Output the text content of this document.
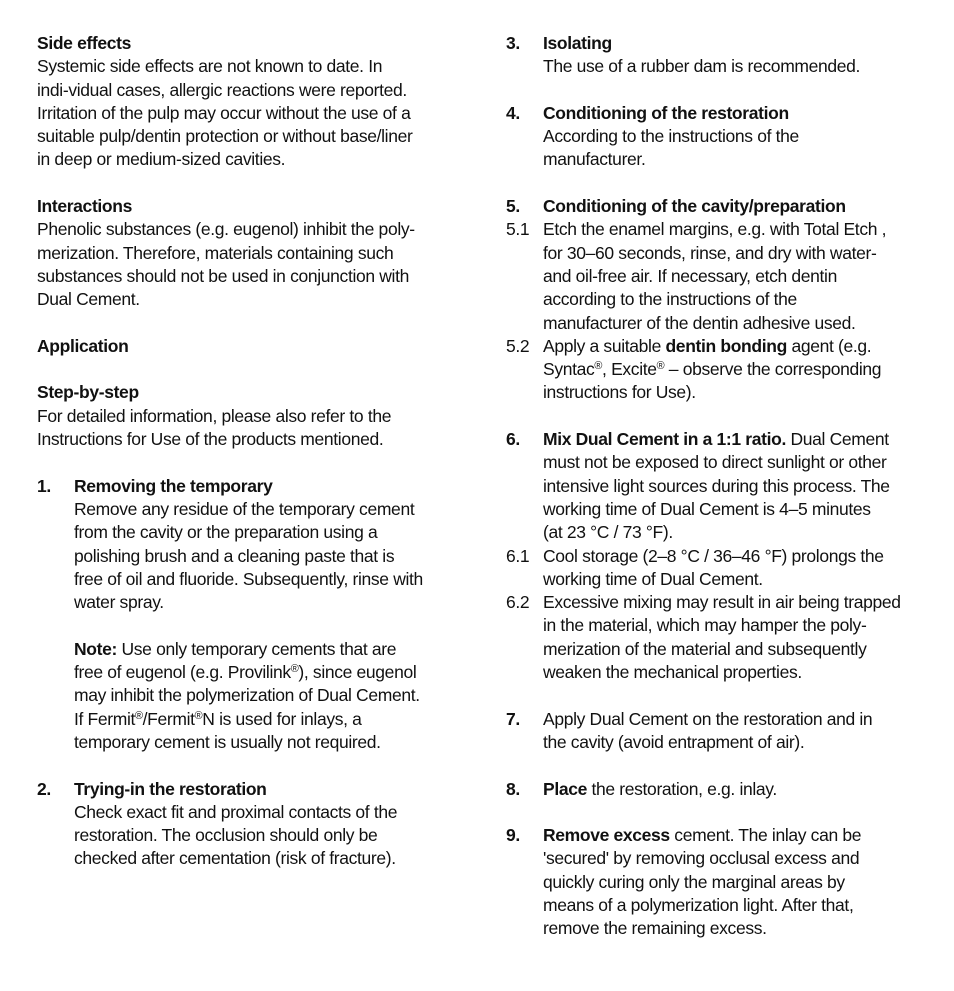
Side effects

Systemic side effects are not known to date. In
indi-vidual cases, allergic reactions were reported.
Irritation of the pulp may occur without the use of a
suitable pulp/dentin protection or without base/liner
in deep or medium-sized cavities.

Interactions

Phenolic substances (e.g. eugenol) inhibit the poly-
merization. Therefore, materials containing such
substances should not be used in conjunction with
Dual Cement.

Application

Step-by-step

For detailed information, please also refer to the
Instructions for Use of the products mentioned.

1. Removing the temporary

Remove any residue of the temporary cement
from the cavity or the preparation using a
polishing brush and a cleaning paste that is
free of oil and fluoride. Subsequently, rinse with
water spray.

Note: Use only temporary cements that are
free of eugenol (e.g. Provilink®), since eugenol
may inhibit the polymerization of Dual Cement.
If Fermit®/Fermit®N is used for inlays, a
temporary cement is usually not required.

2. Trying-in the restoration

Check exact fit and proximal contacts of the
restoration. The occlusion should only be
checked after cementation (risk of fracture).

3. Isolating

The use of a rubber dam is recommended.

4. Conditioning of the restoration

According to the instructions of the
manufacturer.

5. Conditioning of the cavity/preparation

5.1 Etch the enamel margins, e.g. with Total Etch ,
for 30–60 seconds, rinse, and dry with water-
and oil-free air. If necessary, etch dentin
according to the instructions of the
manufacturer of the dentin adhesive used.

5.2 Apply a suitable dentin bonding agent (e.g.
Syntac®, Excite® – observe the corresponding
instructions for Use).

6. Mix Dual Cement in a 1:1 ratio. Dual Cement
must not be exposed to direct sunlight or other
intensive light sources during this process. The
working time of Dual Cement is 4–5 minutes
(at 23 °C / 73 °F).

6.1 Cool storage (2–8 °C / 36–46 °F) prolongs the
working time of Dual Cement.

6.2 Excessive mixing may result in air being trapped
in the material, which may hamper the poly-
merization of the material and subsequently
weaken the mechanical properties.

7. Apply Dual Cement on the restoration and in
the cavity (avoid entrapment of air).

8. Place the restoration, e.g. inlay.

9. Remove excess cement. The inlay can be
'secured' by removing occlusal excess and
quickly curing only the marginal areas by
means of a polymerization light. After that,
remove the remaining excess.
